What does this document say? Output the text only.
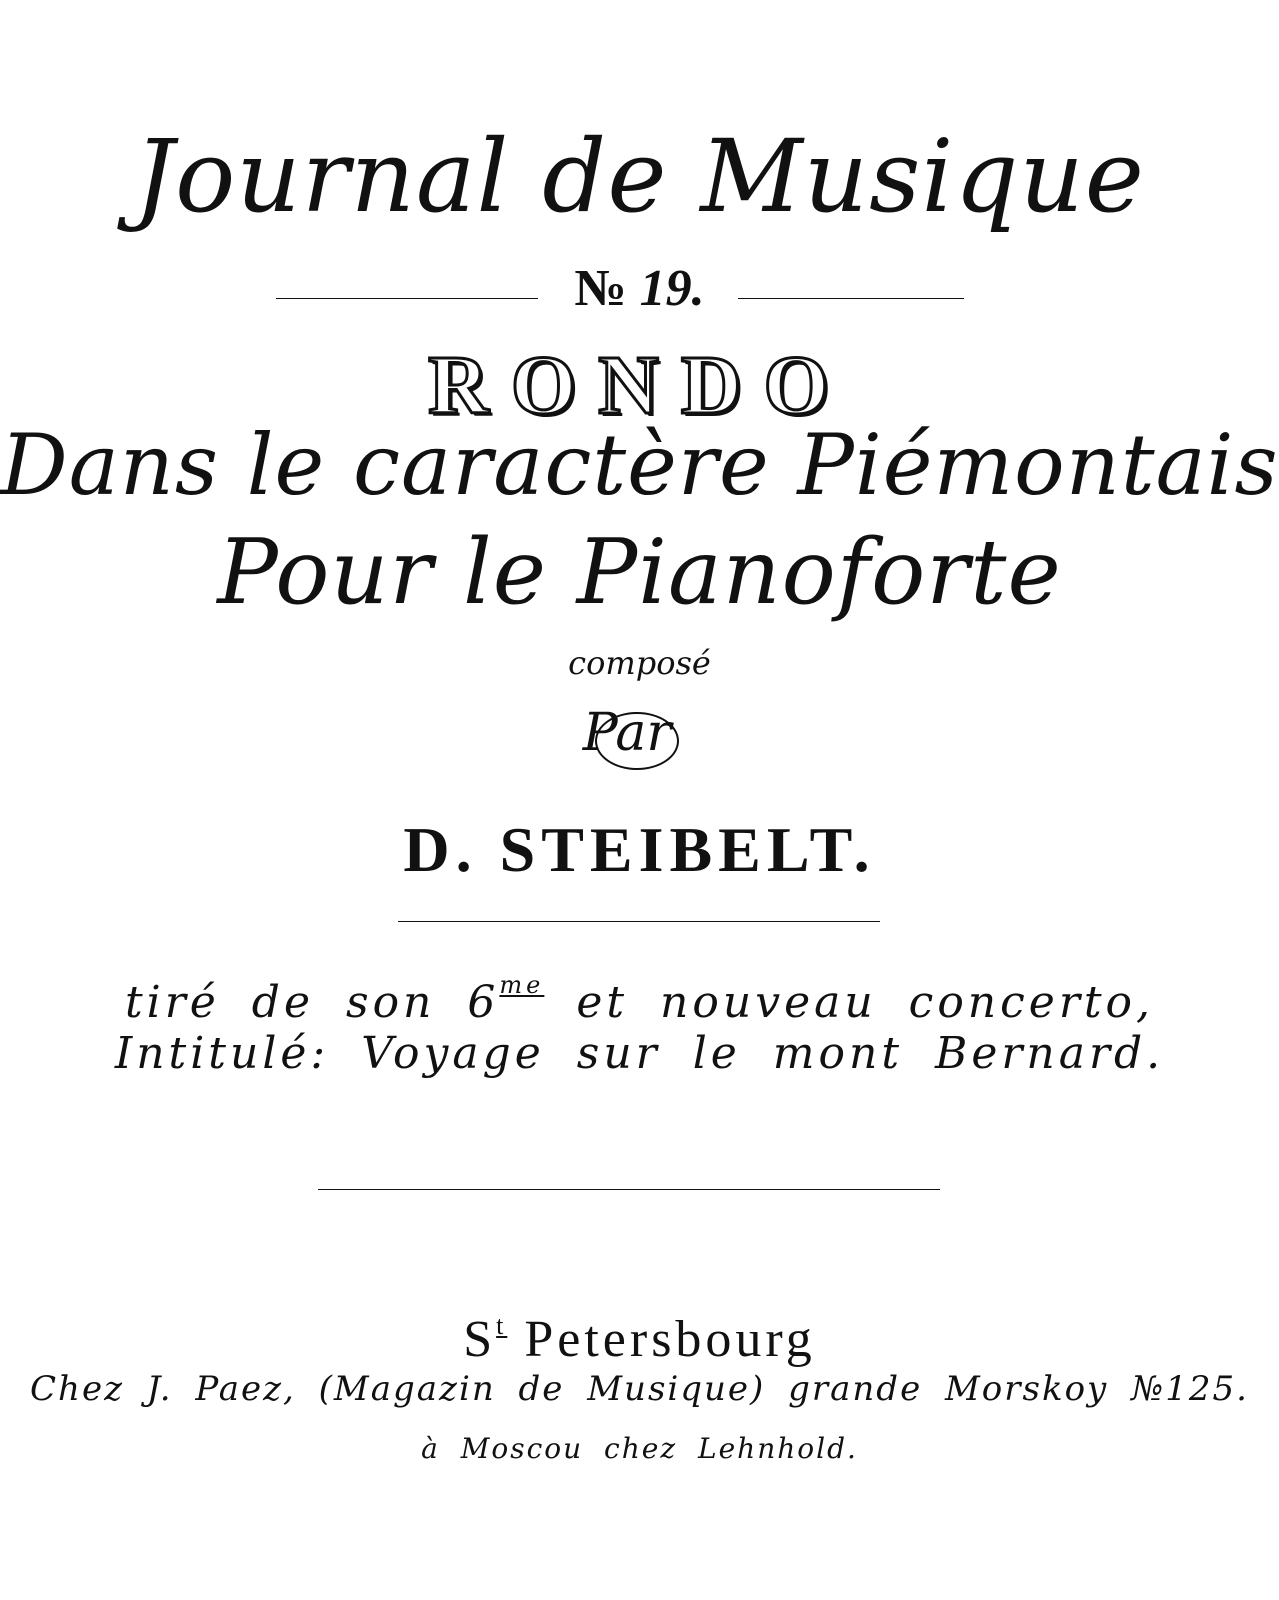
Journal de Musique
№ 19.
RONDO
Dans le caractère Piémontais
Pour le Pianoforte
composé
Par
D. STEIBELT.
tiré de son $6^{me}$ et nouveau concerto,
Intitulé: Voyage sur le mont Bernard.
$S^t$ Petersbourg
Chez J. Paez, (Magazin de Musique) grande Morskoy №125.
à Moscou chez Lehnhold.
